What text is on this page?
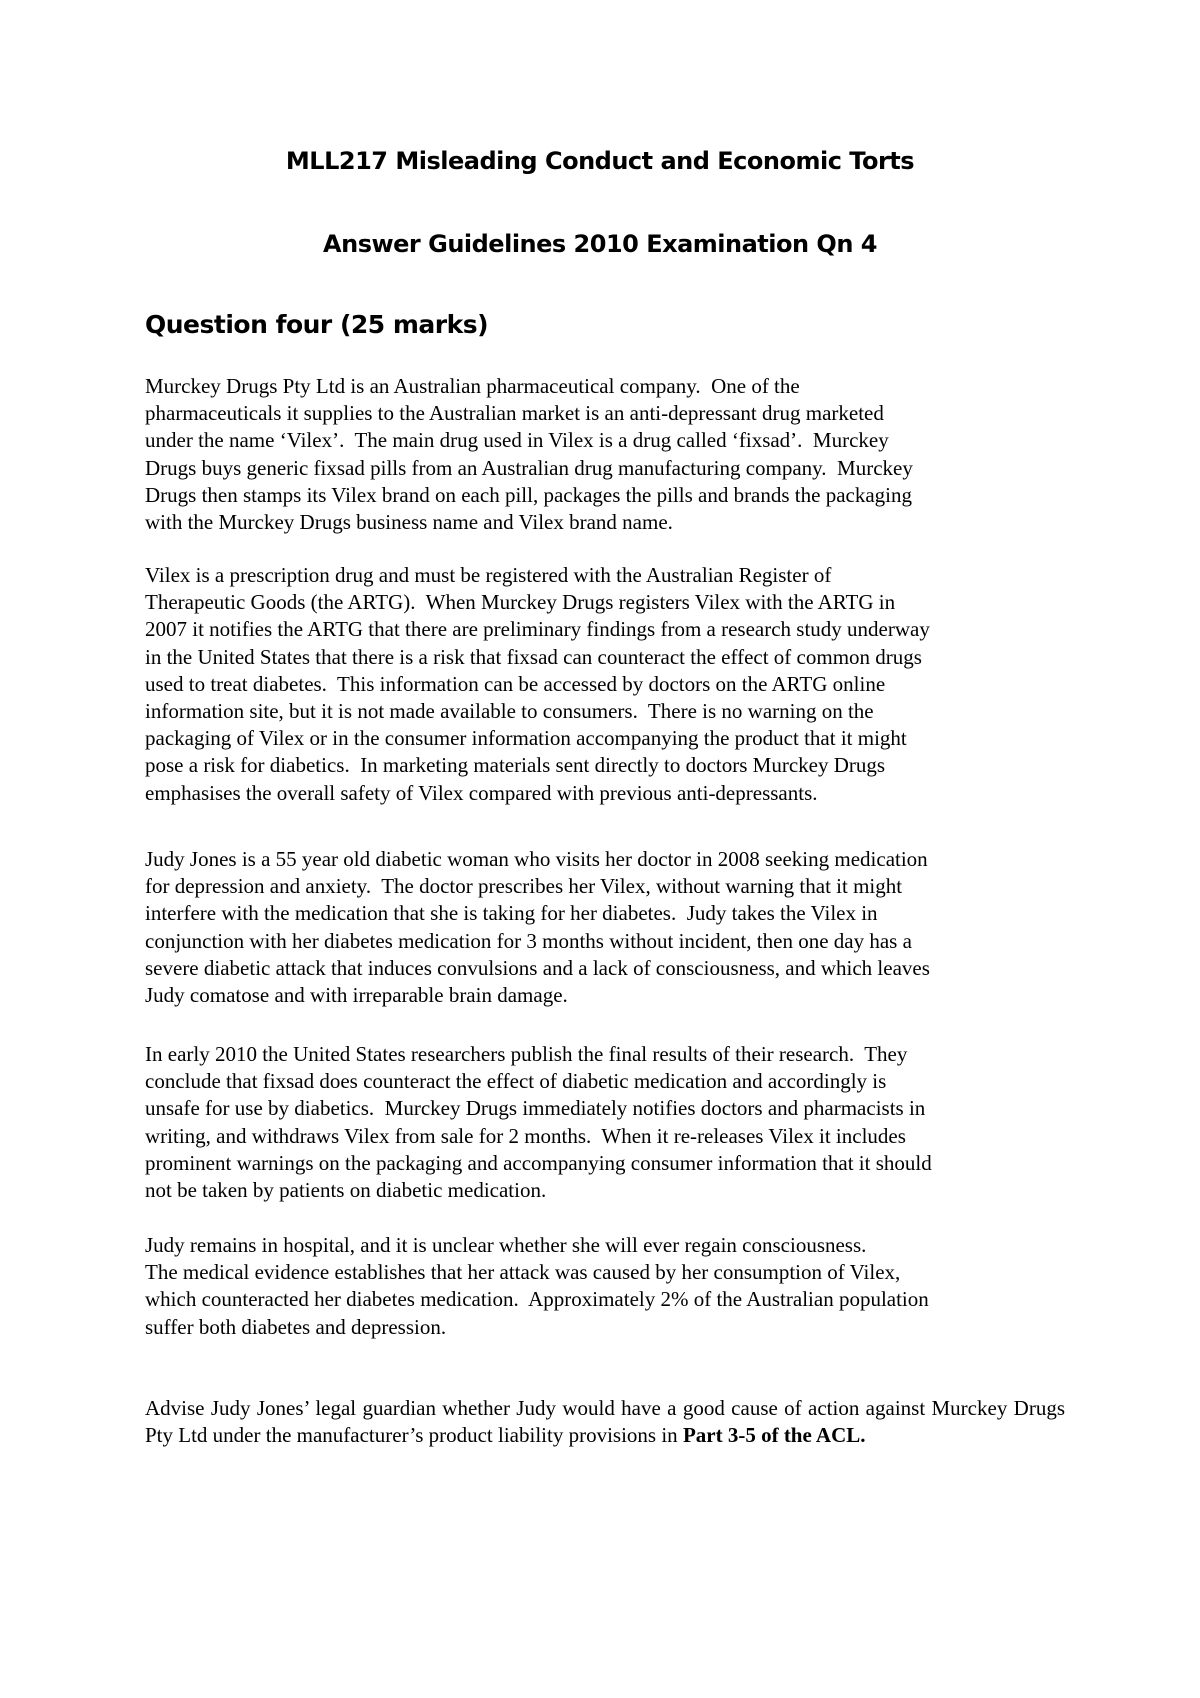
MLL217 Misleading Conduct and Economic Torts
Answer Guidelines 2010 Examination Qn 4
Question four (25 marks)

Murckey Drugs Pty Ltd is an Australian pharmaceutical company.  One of the
pharmaceuticals it supplies to the Australian market is an anti-depressant drug marketed
under the name ‘Vilex’.  The main drug used in Vilex is a drug called ‘fixsad’.  Murckey
Drugs buys generic fixsad pills from an Australian drug manufacturing company.  Murckey
Drugs then stamps its Vilex brand on each pill, packages the pills and brands the packaging
with the Murckey Drugs business name and Vilex brand name.

Vilex is a prescription drug and must be registered with the Australian Register of
Therapeutic Goods (the ARTG).  When Murckey Drugs registers Vilex with the ARTG in
2007 it notifies the ARTG that there are preliminary findings from a research study underway
in the United States that there is a risk that fixsad can counteract the effect of common drugs
used to treat diabetes.  This information can be accessed by doctors on the ARTG online
information site, but it is not made available to consumers.  There is no warning on the
packaging of Vilex or in the consumer information accompanying the product that it might
pose a risk for diabetics.  In marketing materials sent directly to doctors Murckey Drugs
emphasises the overall safety of Vilex compared with previous anti-depressants.

Judy Jones is a 55 year old diabetic woman who visits her doctor in 2008 seeking medication
for depression and anxiety.  The doctor prescribes her Vilex, without warning that it might
interfere with the medication that she is taking for her diabetes.  Judy takes the Vilex in
conjunction with her diabetes medication for 3 months without incident, then one day has a
severe diabetic attack that induces convulsions and a lack of consciousness, and which leaves
Judy comatose and with irreparable brain damage.

In early 2010 the United States researchers publish the final results of their research.  They
conclude that fixsad does counteract the effect of diabetic medication and accordingly is
unsafe for use by diabetics.  Murckey Drugs immediately notifies doctors and pharmacists in
writing, and withdraws Vilex from sale for 2 months.  When it re-releases Vilex it includes
prominent warnings on the packaging and accompanying consumer information that it should
not be taken by patients on diabetic medication.

Judy remains in hospital, and it is unclear whether she will ever regain consciousness.
The medical evidence establishes that her attack was caused by her consumption of Vilex,
which counteracted her diabetes medication.  Approximately 2% of the Australian population
suffer both diabetes and depression.

Advise Judy Jones’ legal guardian whether Judy would have a good cause of action against Murckey Drugs Pty Ltd under the manufacturer’s product liability provisions in Part 3-5 of the ACL.
